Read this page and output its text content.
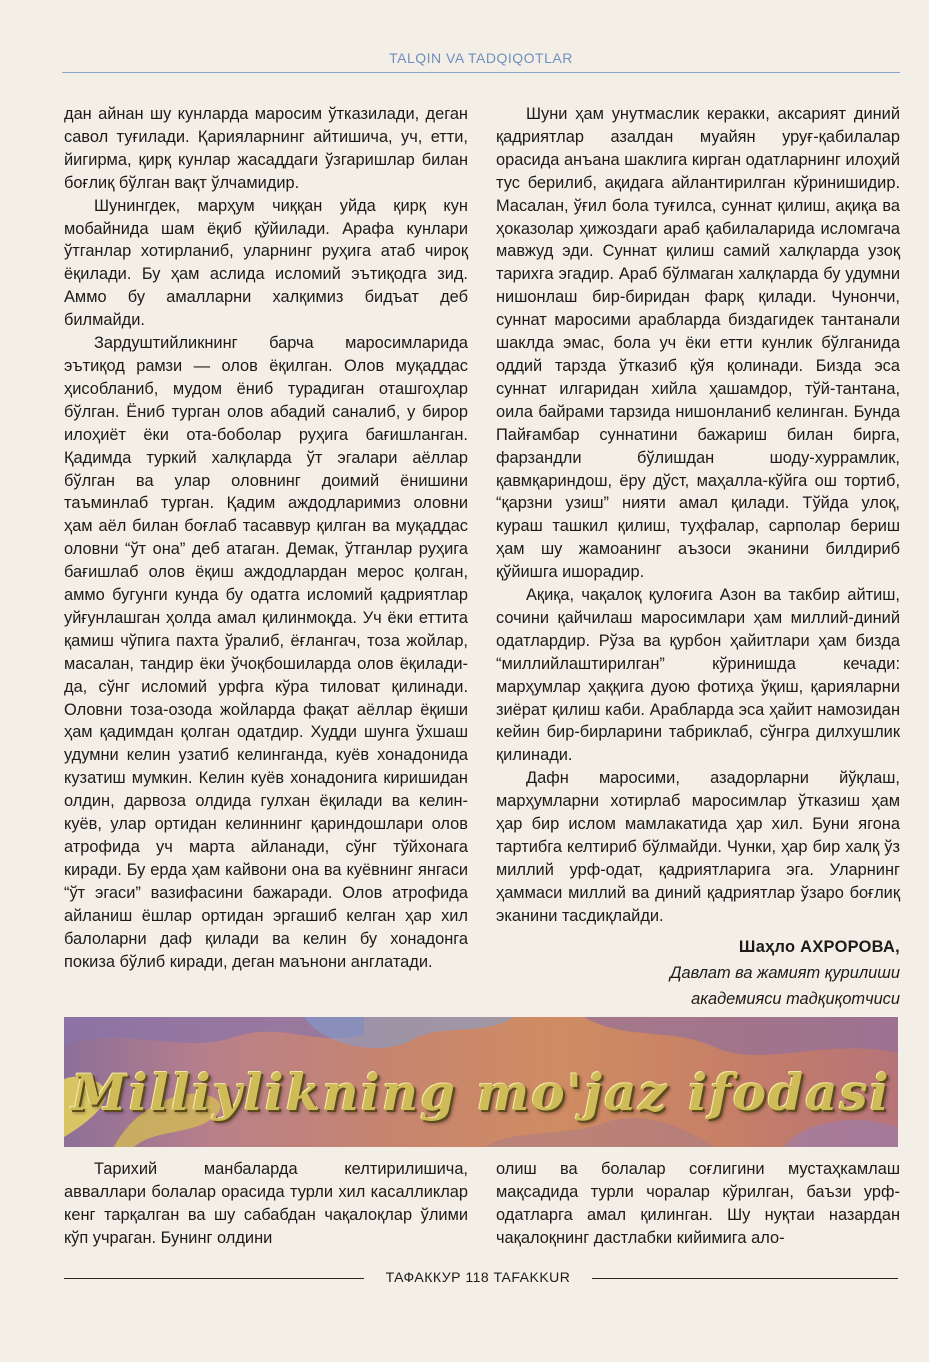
TALQIN VA TADQIQOTLAR

дан айнан шу кунларда маросим ўтказилади, деган савол туғилади. Қарияларнинг айтишича, уч, етти, йигирма, қирқ кунлар жасаддаги ўзгаришлар билан боғлиқ бўлган вақт ўлчамидир.

Шунингдек, марҳум чиққан уйда қирқ кун мобайнида шам ёқиб қўйилади. Арафа кунлари ўтганлар хотирланиб, уларнинг руҳига атаб чироқ ёқилади. Бу ҳам аслида исломий эътиқодга зид. Аммо бу амалларни халқимиз бидъат деб билмайди.

Зардуштийликнинг барча маросимларида эътиқод рамзи — олов ёқилган. Олов муқаддас ҳисобланиб, мудом ёниб турадиган оташгоҳлар бўлган. Ёниб турган олов абадий саналиб, у бирор илоҳиёт ёки ота-боболар руҳига бағишланган. Қадимда туркий халқларда ўт эгалари аёллар бўлган ва улар оловнинг доимий ёнишини таъминлаб турган. Қадим аждодларимиз оловни ҳам аёл билан боғлаб тасаввур қилган ва муқаддас оловни “ўт она” деб атаган. Демак, ўтганлар руҳига бағишлаб олов ёқиш аждодлардан мерос қолган, аммо бугунги кунда бу одатга исломий қадриятлар уйғунлашган ҳолда амал қилинмоқда. Уч ёки еттита қамиш чўпига пахта ўралиб, ёғлангач, тоза жойлар, масалан, тандир ёки ўчоқбошиларда олов ёқилади-да, сўнг исломий урфга кўра тиловат қилинади. Оловни тоза-озода жойларда фақат аёллар ёқиши ҳам қадимдан қолган одатдир. Худди шунга ўхшаш удумни келин узатиб келинганда, куёв хонадонида кузатиш мумкин. Келин куёв хонадонига киришидан олдин, дарвоза олдида гулхан ёқилади ва келин-куёв, улар ортидан келиннинг қариндошлари олов атрофида уч марта айланади, сўнг тўйхонага киради. Бу ерда ҳам кайвони она ва куёвнинг янгаси “ўт эгаси” вазифасини бажаради. Олов атрофида айланиш ёшлар ортидан эргашиб келган ҳар хил балоларни даф қилади ва келин бу хонадонга покиза бўлиб киради, деган маънони англатади.

Шуни ҳам унутмаслик керакки, аксарият диний қадриятлар азалдан муайян уруғ-қабилалар орасида анъана шаклига кирган одатларнинг илоҳий тус берилиб, ақидага айлантирилган кўринишидир. Масалан, ўғил бола туғилса, суннат қилиш, ақиқа ва ҳоказолар ҳижоздаги араб қабилаларида исломгача мавжуд эди. Суннат қилиш самий халқларда узоқ тарихга эгадир. Араб бўлмаган халқларда бу удумни нишонлаш бир-биридан фарқ қилади. Чунончи, суннат маросими арабларда биздагидек тантанали шаклда эмас, бола уч ёки етти кунлик бўлганида оддий тарзда ўтказиб қўя қолинади. Бизда эса суннат илгаридан хийла ҳашамдор, тўй-тантана, оила байрами тарзида нишонланиб келинган. Бунда Пайғамбар суннатини бажариш билан бирга, фарзандли бўлишдан шоду-хуррамлик, қавмқариндош, ёру дўст, маҳалла-кўйга ош тортиб, “қарзни узиш” нияти амал қилади. Тўйда улоқ, кураш ташкил қилиш, туҳфалар, сарполар бериш ҳам шу жамоанинг аъзоси эканини билдириб қўйишга ишорадир.

Ақиқа, чақалоқ қулоғига Азон ва такбир айтиш, сочини қайчилаш маросимлари ҳам миллий-диний одатлардир. Рўза ва қурбон ҳайитлари ҳам бизда “миллийлаштирилган” кўринишда кечади: марҳумлар ҳаққига дуою фотиҳа ўқиш, қарияларни зиёрат қилиш каби. Арабларда эса ҳайит намозидан кейин бир-бирларини табриклаб, сўнгра дилхушлик қилинади.

Дафн маросими, азадорларни йўқлаш, марҳумларни хотирлаб маросимлар ўтказиш ҳам ҳар бир ислом мамлакатида ҳар хил. Буни ягона тартибга келтириб бўлмайди. Чунки, ҳар бир халқ ўз миллий урф-одат, қадриятларига эга. Уларнинг ҳаммаси миллий ва диний қадриятлар ўзаро боғлиқ эканини тасдиқлайди.

Шаҳло АХРОРОВА,
Давлат ва жамият қурилиши
академияси тадқиқотчиси
Milliylikning mo'jaz ifodasi

Тарихий манбаларда келтирилишича, авваллари болалар орасида турли хил касалликлар кенг тарқалган ва шу сабабдан чақалоқлар ўлими кўп учраган. Бунинг олдини

олиш ва болалар соғлигини мустаҳкамлаш мақсадида турли чоралар кўрилган, баъзи урф-одатларга амал қилинган. Шу нуқтаи назардан чақалоқнинг дастлабки кийимига ало-

ТАФАККУР 118 TAFAKKUR
